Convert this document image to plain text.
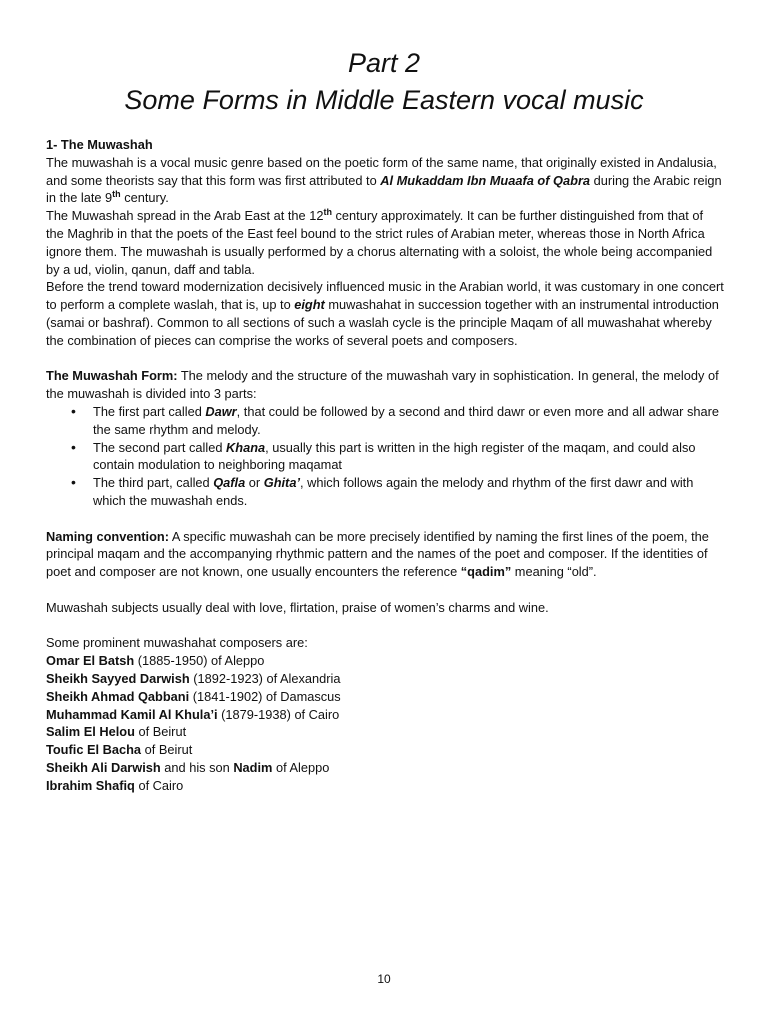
Part 2
Some Forms in Middle Eastern vocal music

1- The Muwashah

The muwashah is a vocal music genre based on the poetic form of the same name, that originally existed in Andalusia, and some theorists say that this form was first attributed to Al Mukaddam Ibn Muaafa of Qabra during the Arabic reign in the late 9th century.

The Muwashah spread in the Arab East at the 12th century approximately. It can be further distinguished from that of the Maghrib in that the poets of the East feel bound to the strict rules of Arabian meter, whereas those in North Africa ignore them. The muwashah is usually performed by a chorus alternating with a soloist, the whole being accompanied by a ud, violin, qanun, daff and tabla.

Before the trend toward modernization decisively influenced music in the Arabian world, it was customary in one concert to perform a complete waslah, that is, up to eight muwashahat in succession together with an instrumental introduction (samai or bashraf). Common to all sections of such a waslah cycle is the principle Maqam of all muwashahat whereby the combination of pieces can comprise the works of several poets and composers.

The Muwashah Form: The melody and the structure of the muwashah vary in sophistication. In general, the melody of the muwashah is divided into 3 parts:

• The first part called Dawr, that could be followed by a second and third dawr or even more and all adwar share the same rhythm and melody.
• The second part called Khana, usually this part is written in the high register of the maqam, and could also contain modulation to neighboring maqamat
• The third part, called Qafla or Ghita’, which follows again the melody and rhythm of the first dawr and with which the muwashah ends.

Naming convention: A specific muwashah can be more precisely identified by naming the first lines of the poem, the principal maqam and the accompanying rhythmic pattern and the names of the poet and composer. If the identities of poet and composer are not known, one usually encounters the reference “qadim” meaning “old”.

Muwashah subjects usually deal with love, flirtation, praise of women’s charms and wine.

Some prominent muwashahat composers are:

Omar El Batsh (1885-1950) of Aleppo

Sheikh Sayyed Darwish (1892-1923) of Alexandria

Sheikh Ahmad Qabbani (1841-1902) of Damascus

Muhammad Kamil Al Khula’i (1879-1938) of Cairo

Salim El Helou of Beirut

Toufic El Bacha of Beirut

Sheikh Ali Darwish and his son Nadim of Aleppo

Ibrahim Shafiq of Cairo

10
